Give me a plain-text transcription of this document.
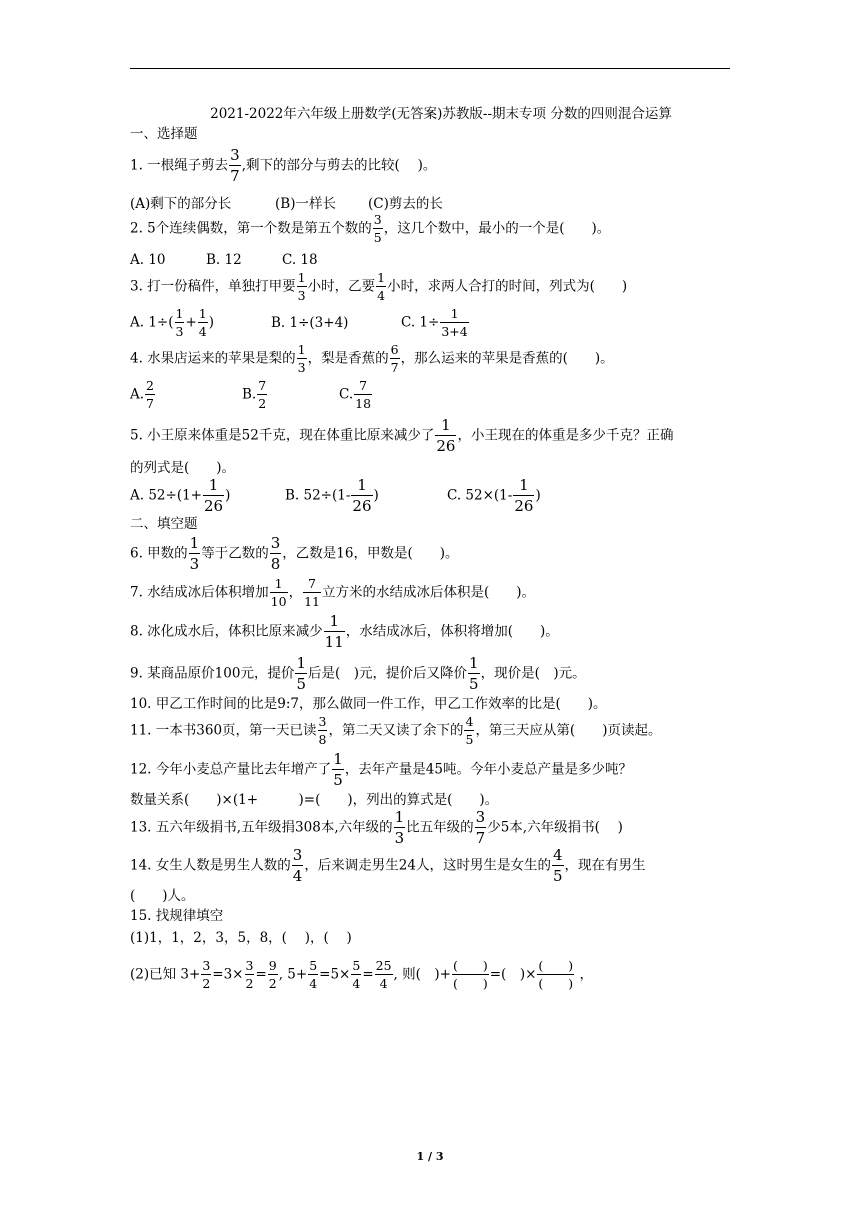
2021-2022年六年级上册数学(无答案)苏教版--期末专项 分数的四则混合运算

一、选择题

1. 一根绳子剪去 $\frac{3}{7}$ ,剩下的部分与剪去的比较(　 )。

(A)剩下的部分长	(B)一样长 (C)剪去的长

2. 5个连续偶数，第一个数是第五个数的 $\frac{3}{5}$ ，这几个数中，最小的一个是(　　)。

A. 10	B. 12	C. 18

3. 打一份稿件，单独打甲要 $\frac{1}{3}$ 小时，乙要 $\frac{1}{4}$ 小时，求两人合打的时间，列式为(　　)

A. $1\div( \frac{1}{3} + \frac{1}{4}$ )	B. 1÷(3+4)	C. $1\div \frac{1}{3+4}$

4. 水果店运来的苹果是梨的 $\frac{1}{3}$ ，梨是香蕉的 $\frac{6}{7}$ ，那么运来的苹果是香蕉的(　　)。

A. $\frac{2}{7}$	B. $\frac{7}{2}$	C. $\frac{7}{18}$

5. 小王原来体重是52千克，现在体重比原来减少了 $\frac{1}{26}$ ，小王现在的体重是多少千克？正确

的列式是(　　)。

A. $52\div(1+ \frac{1}{26}$ )	B. $52\div(1- \frac{1}{26}$ )	C. $52\times(1- \frac{1}{26}$ )

二、填空题

6. 甲数的 $\frac{1}{3}$ 等于乙数的 $\frac{3}{8}$ ，乙数是16，甲数是(　　)。

7. 水结成冰后体积增加 $\frac{1}{10}$ ， $\frac{7}{11}$ 立方米的水结成冰后体积是(　　)。

8. 冰化成水后，体积比原来减少 $\frac{1}{11}$ ，水结成冰后，体积将增加(　　)。

9. 某商品原价100元，提价 $\frac{1}{5}$ 后是(　)元，提价后又降价 $\frac{1}{5}$ ，现价是(　)元。

10. 甲乙工作时间的比是9:7，那么做同一件工作，甲乙工作效率的比是(　　)。

11. 一本书360页，第一天已读 $\frac{3}{8}$ ，第二天又读了余下的 $\frac{4}{5}$ ，第三天应从第(　　)页读起。

12. 今年小麦总产量比去年增产了 $\frac{1}{5}$ ，去年产量是45吨。今年小麦总产量是多少吨？

数量关系(　　)×(1+　　　)=(　　)，列出的算式是(　　)。

13. 五六年级捐书,五年级捐308本,六年级的 $\frac{1}{3}$ 比五年级的 $\frac{3}{7}$ 少5本,六年级捐书(　 )

14. 女生人数是男生人数的 $\frac{3}{4}$ ，后来调走男生24人，这时男生是女生的 $\frac{4}{5}$ ，现在有男生

(　　)人。

15. 找规律填空

(1)1，1，2，3，5，8，(　 )，(　 )

(2)已知 $3+ \frac{3}{2} =3\times \frac{3}{2} = \frac{9}{2}$ , $5+ \frac{5}{4} =5\times \frac{5}{4} = \frac{25}{4}$ , 则(　)+
(　　)
(　　)
=(　)×
(　　)
(　　)
，

1 / 3
